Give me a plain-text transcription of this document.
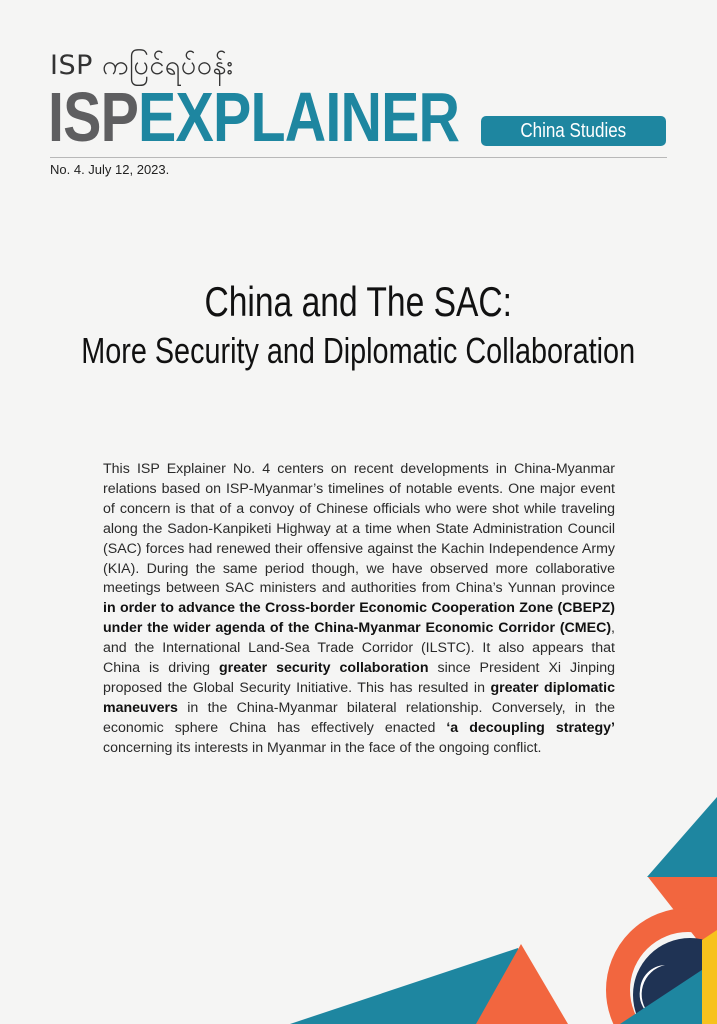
ISP ကပြင်ရပ်ဝန်း
ISPEXPLAINER	China Studies
No. 4. July 12, 2023.
China and The SAC:
More Security and Diplomatic Collaboration
This ISP Explainer No. 4 centers on recent developments in China-Myanmar relations based on ISP-Myanmar’s timelines of notable events. One major event of concern is that of a convoy of Chinese officials who were shot while traveling along the Sadon-Kanpiketi Highway at a time when State Administration Council (SAC) forces had renewed their offensive against the Kachin Independence Army (KIA). During the same period though, we have observed more collaborative meetings between SAC ministers and authorities from China’s Yunnan province in order to advance the Cross-border Economic Cooperation Zone (CBEPZ) under the wider agenda of the China-Myanmar Economic Corridor (CMEC), and the International Land-Sea Trade Corridor (ILSTC). It also appears that China is driving greater security collaboration since President Xi Jinping proposed the Global Security Initiative. This has resulted in greater diplomatic maneuvers in the China-Myanmar bilateral relationship. Conversely, in the economic sphere China has effectively enacted ‘a decoupling strategy’ concerning its interests in Myanmar in the face of the ongoing conflict.
